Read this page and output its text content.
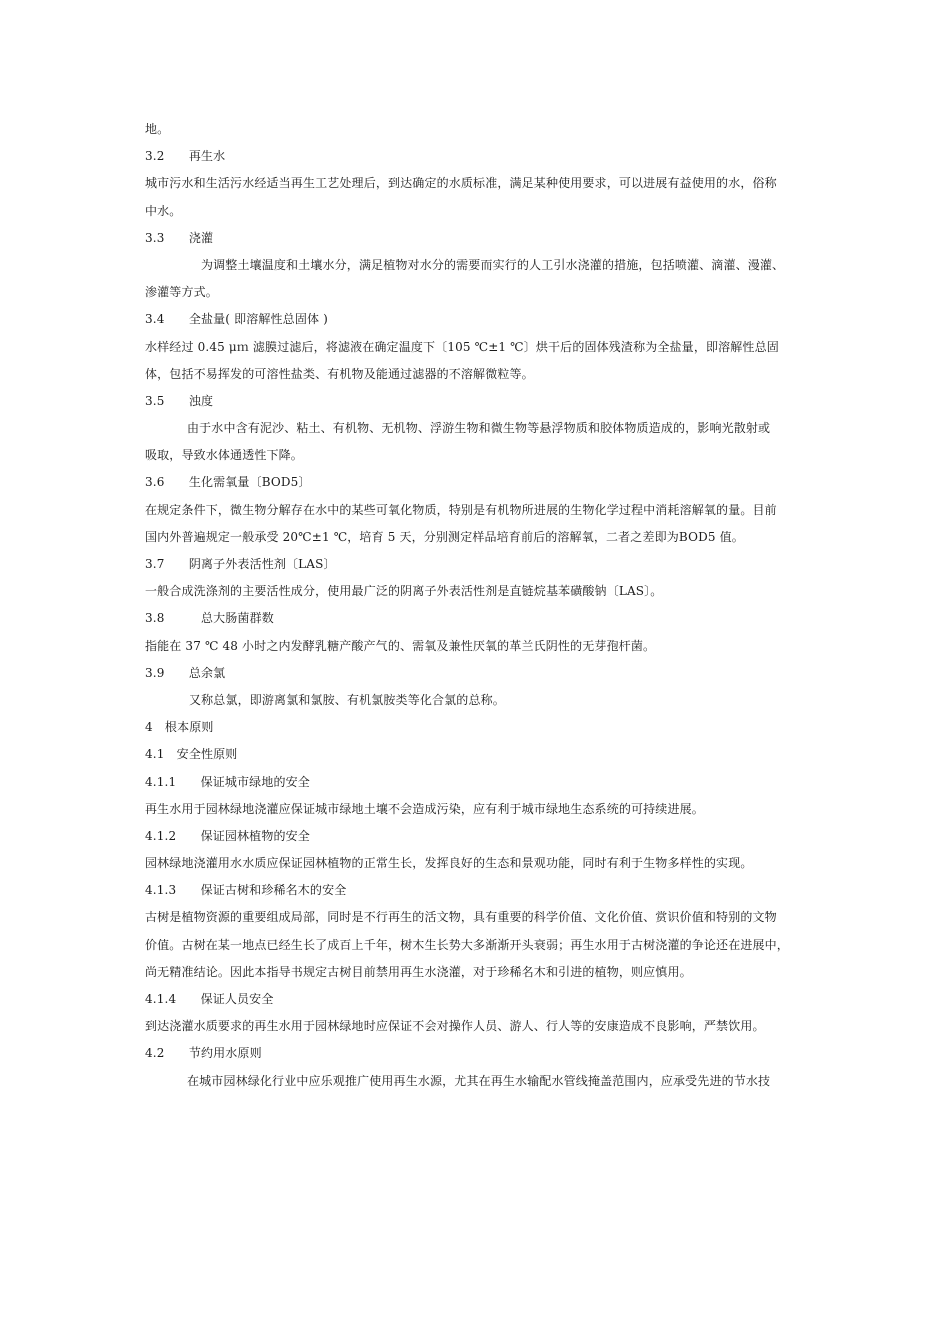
地。
3.2　　再生水
城市污水和生活污水经适当再生工艺处理后，到达确定的水质标准，满足某种使用要求，可以进展有益使用的水，俗称
中水。
3.3　　浇灌
为调整土壤温度和土壤水分，满足植物对水分的需要而实行的人工引水浇灌的措施，包括喷灌、滴灌、漫灌、
渗灌等方式。
3.4　　全盐量( 即溶解性总固体 )
水样经过 0.45 μｍ 滤膜过滤后，将滤液在确定温度下〔105 ℃±1 ℃〕烘干后的固体残渣称为全盐量，即溶解性总固
体，包括不易挥发的可溶性盐类、有机物及能通过滤器的不溶解微粒等。
3.5　　浊度
由于水中含有泥沙、粘土、有机物、无机物、浮游生物和微生物等悬浮物质和胶体物质造成的，影响光散射或
吸取，导致水体通透性下降。
3.6　　生化需氧量〔BOD5〕
在规定条件下，微生物分解存在水中的某些可氧化物质，特别是有机物所进展的生物化学过程中消耗溶解氧的量。目前
国内外普遍规定一般承受 20℃±1 ℃，培育 5 天，分别测定样品培育前后的溶解氧，二者之差即为BOD5 值。
3.7　　阴离子外表活性剂〔LAS〕
一般合成洗涤剂的主要活性成分，使用最广泛的阴离子外表活性剂是直链烷基苯磺酸钠〔LAS〕。
3.8　　　总大肠菌群数
指能在 37 ℃ 48 小时之内发酵乳糖产酸产气的、需氧及兼性厌氧的革兰氏阴性的无芽孢杆菌。
3.9　　总余氯
又称总氯，即游离氯和氯胺、有机氯胺类等化合氯的总称。
4　根本原则
4.1　安全性原则
4.1.1　　保证城市绿地的安全
再生水用于园林绿地浇灌应保证城市绿地土壤不会造成污染，应有利于城市绿地生态系统的可持续进展。
4.1.2　　保证园林植物的安全
园林绿地浇灌用水水质应保证园林植物的正常生长，发挥良好的生态和景观功能，同时有利于生物多样性的实现。
4.1.3　　保证古树和珍稀名木的安全
古树是植物资源的重要组成局部，同时是不行再生的活文物，具有重要的科学价值、文化价值、赏识价值和特别的文物
价值。古树在某一地点已经生长了成百上千年，树木生长势大多渐渐开头衰弱；再生水用于古树浇灌的争论还在进展中，
尚无精准结论。因此本指导书规定古树目前禁用再生水浇灌，对于珍稀名木和引进的植物，则应慎用。
4.1.4　　保证人员安全
到达浇灌水质要求的再生水用于园林绿地时应保证不会对操作人员、游人、行人等的安康造成不良影响，严禁饮用。
4.2　　节约用水原则
在城市园林绿化行业中应乐观推广使用再生水源，尤其在再生水输配水管线掩盖范围内，应承受先进的节水技
